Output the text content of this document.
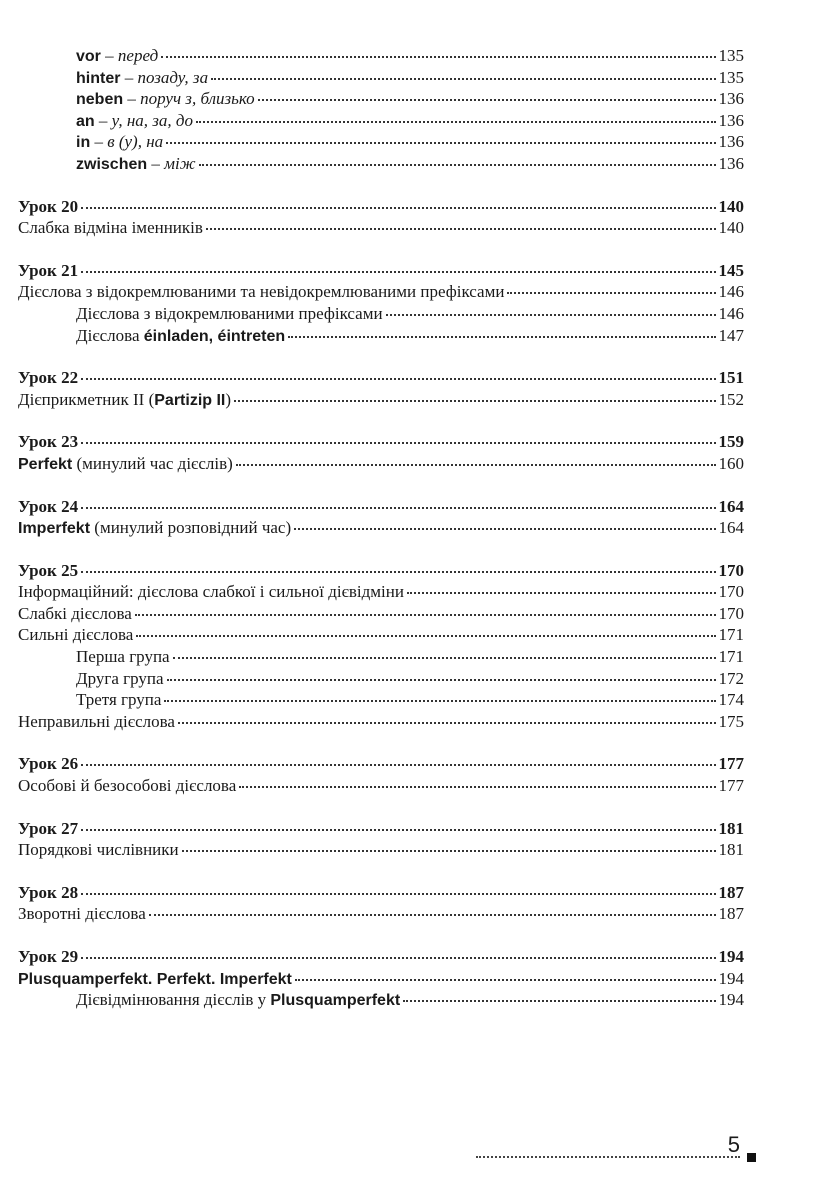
vor – перед	135
hinter – позаду, за	135
neben – поруч з, близько	136
an – у, на, за, до	136
in – в (у), на	136
zwischen – між	136
Урок 20	140
Слабка відміна іменників	140
Урок 21	145
Дієслова з відокремлюваними та невідокремлюваними префіксами	146
Дієслова з відокремлюваними префіксами	146
Дієслова éinladen, éintreten	147
Урок 22	151
Дієприкметник II (Partizip II)	152
Урок 23	159
Perfekt (минулий час дієслів)	160
Урок 24	164
Imperfekt (минулий розповідний час)	164
Урок 25	170
Інформаційний: дієслова слабкої і сильної дієвідміни	170
Слабкі дієслова	170
Сильні дієслова	171
Перша група	171
Друга група	172
Третя група	174
Неправильні дієслова	175
Урок 26	177
Особові й безособові дієслова	177
Урок 27	181
Порядкові числівники	181
Урок 28	187
Зворотні дієслова	187
Урок 29	194
Plusquamperfekt. Perfekt. Imperfekt	194
Дієвідмінювання дієслів у Plusquamperfekt	194
5
